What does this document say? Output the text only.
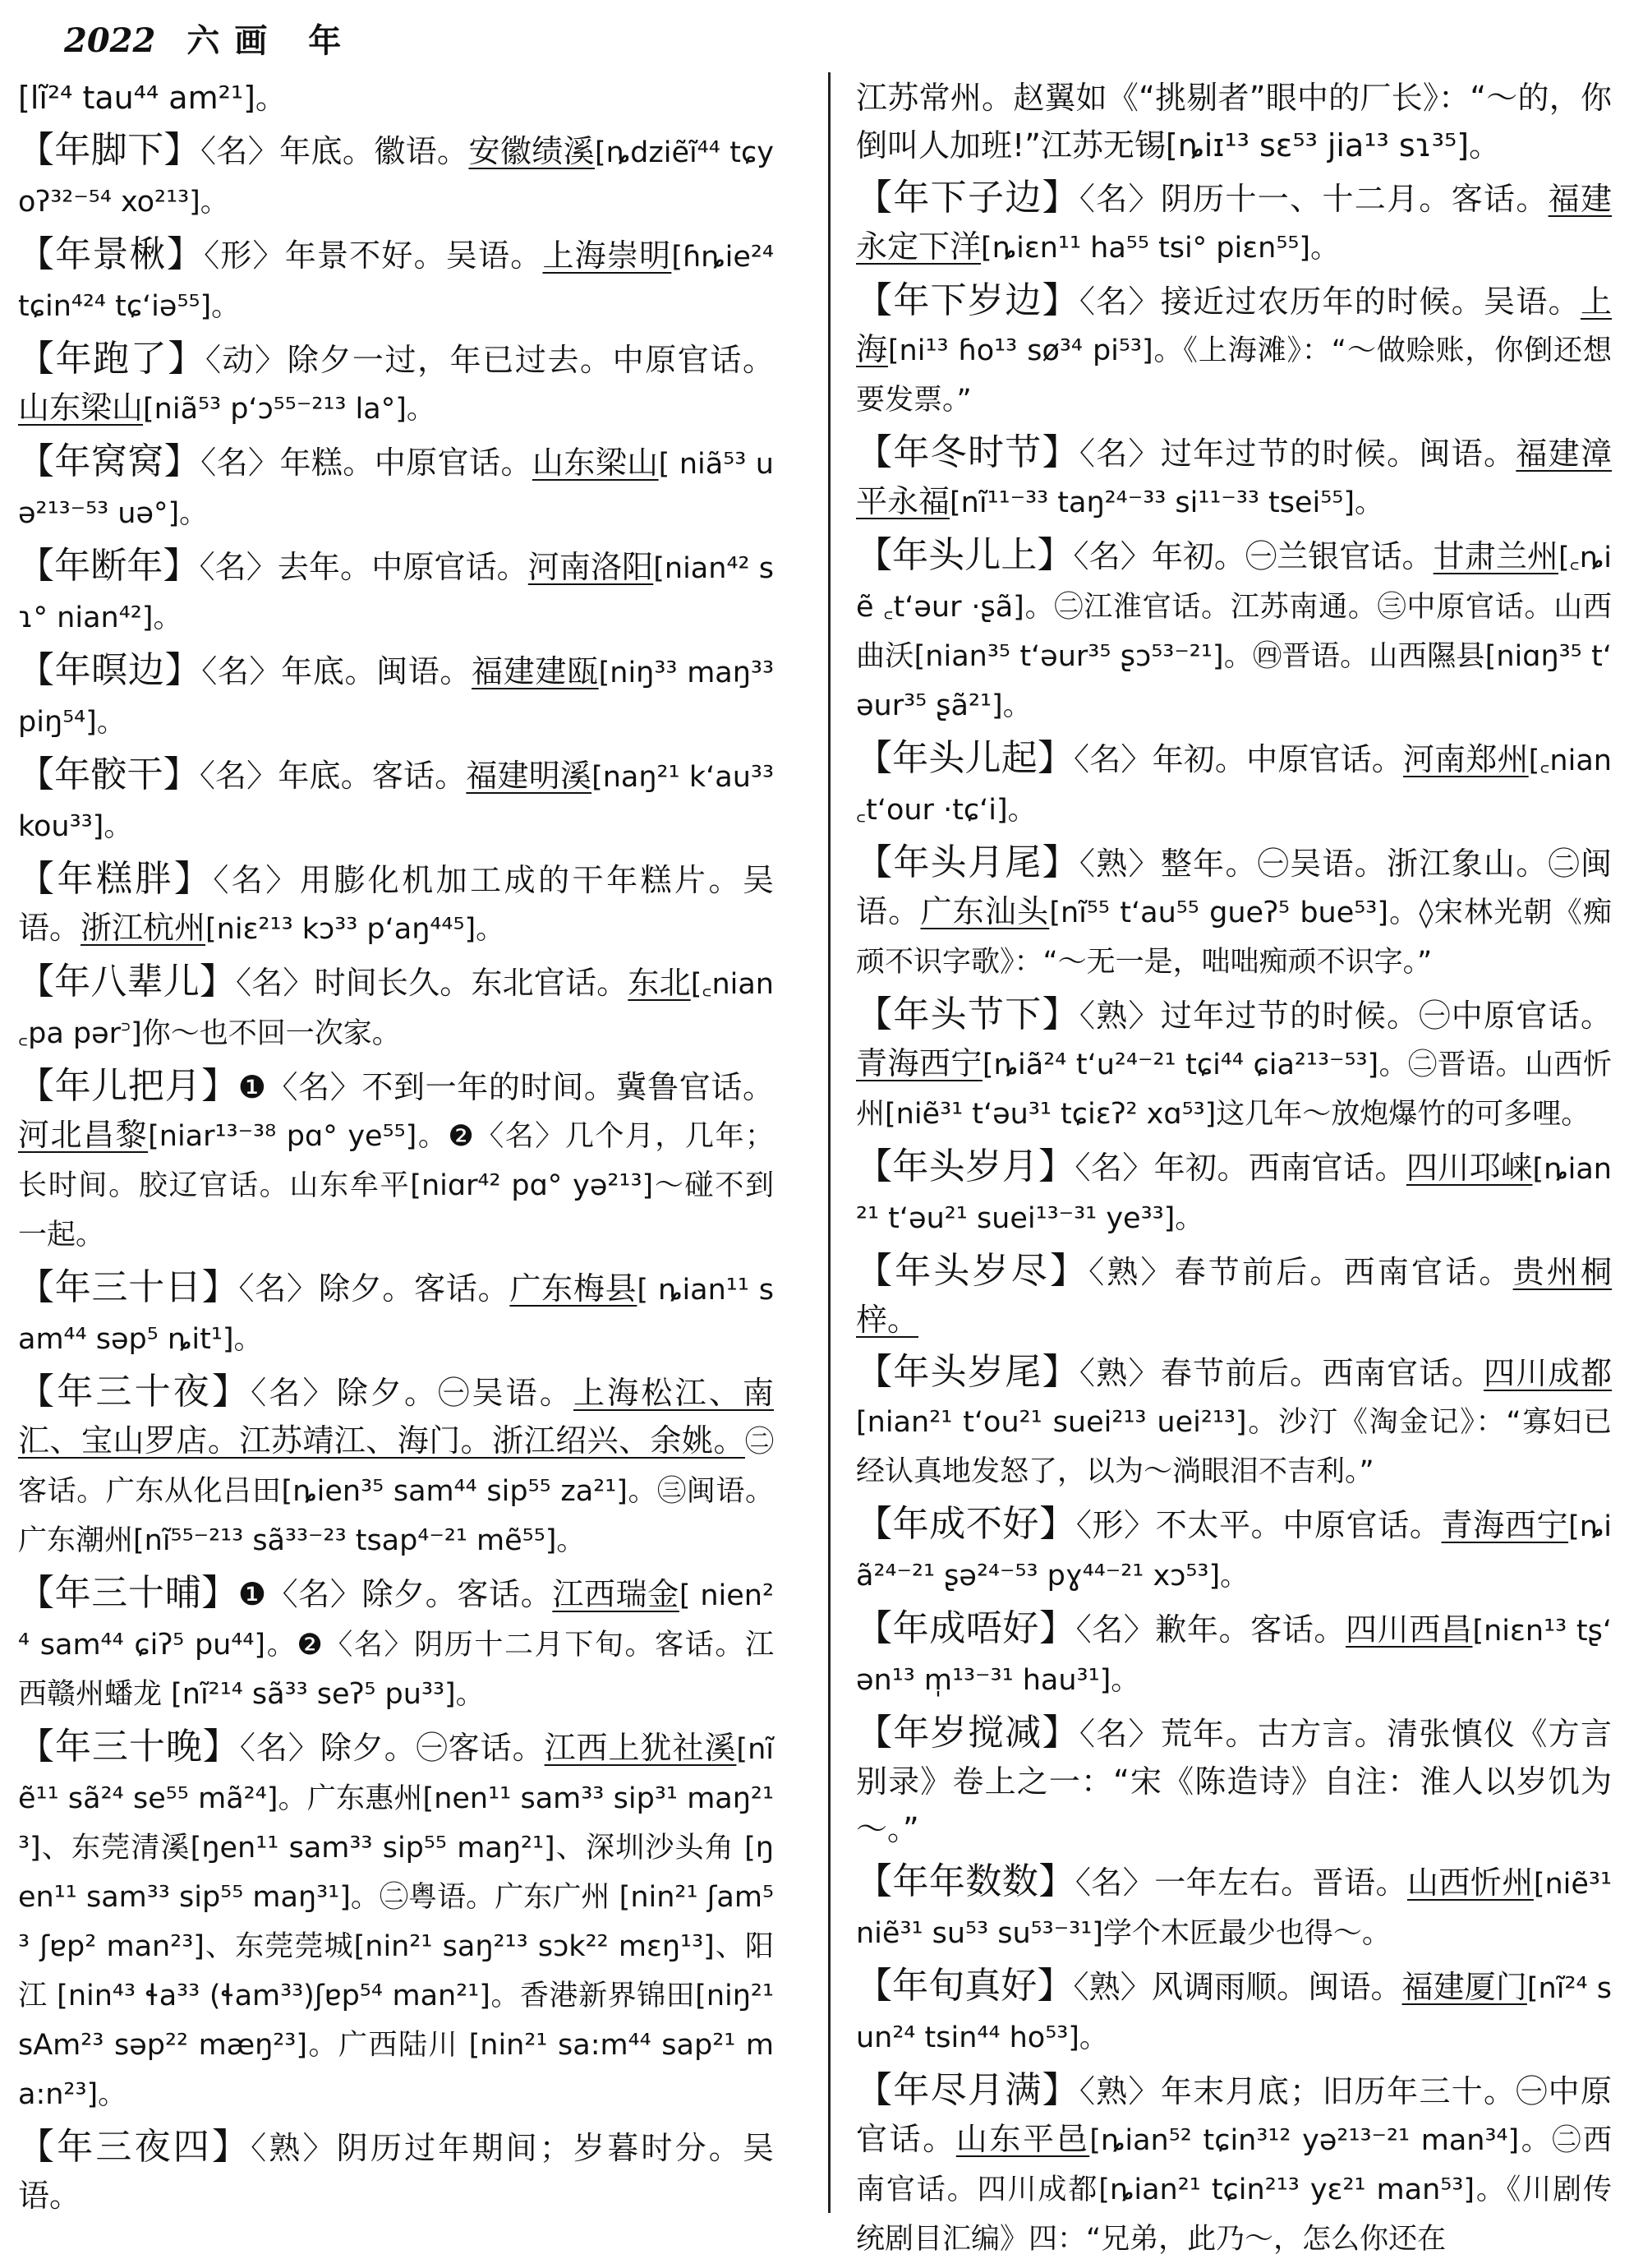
2022 六画 年
[lĩ²⁴ tau⁴⁴ am²¹]。
【年脚下】〈名〉年底。徽语。安徽绩溪[ȵdziẽĩ⁴⁴ tɕyoʔ³²⁻⁵⁴ xo²¹³]。
【年景楸】〈形〉年景不好。吴语。上海崇明[ɦȵie²⁴ tɕin⁴²⁴ tɕʻiə⁵⁵]。
【年跑了】〈动〉除夕一过，年已过去。中原官话。山东梁山[niã⁵³ pʻɔ⁵⁵⁻²¹³ la°]。
【年窝窝】〈名〉年糕。中原官话。山东梁山[ niã⁵³ uə²¹³⁻⁵³ uə°]。
【年断年】〈名〉去年。中原官话。河南洛阳[nian⁴² sɿ° nian⁴²]。
【年暝边】〈名〉年底。闽语。福建建瓯[niŋ³³ maŋ³³ piŋ⁵⁴]。
【年骹干】〈名〉年底。客话。福建明溪[naŋ²¹ kʻau³³ kou³³]。
【年糕胖】〈名〉用膨化机加工成的干年糕片。吴语。浙江杭州[niɛ²¹³ kɔ³³ pʻaŋ⁴⁴⁵]。
【年八辈儿】〈名〉时间长久。东北官话。东北[꜀nian ꜀pa pər꜄]你～也不回一次家。
【年儿把月】❶〈名〉不到一年的时间。冀鲁官话。河北昌黎[niar¹³⁻³⁸ pɑ° ye⁵⁵]。❷〈名〉几个月，几年；长时间。胶辽官话。山东牟平[niɑr⁴² pɑ° yə²¹³]～碰不到一起。
【年三十日】〈名〉除夕。客话。广东梅县[ ȵian¹¹ sam⁴⁴ səp⁵ ȵit¹]。
【年三十夜】〈名〉除夕。㊀吴语。上海松江、南汇、宝山罗店。江苏靖江、海门。浙江绍兴、余姚。㊁客话。广东从化吕田[ȵien³⁵ sam⁴⁴ sip⁵⁵ za²¹]。㊂闽语。广东潮州[nĩ⁵⁵⁻²¹³ sã³³⁻²³ tsap⁴⁻²¹ mẽ⁵⁵]。
【年三十晡】❶〈名〉除夕。客话。江西瑞金[ nien²⁴ sam⁴⁴ ɕiʔ⁵ pu⁴⁴]。❷〈名〉阴历十二月下旬。客话。江西赣州蟠龙 [nĩ²¹⁴ sã³³ seʔ⁵ pu³³]。
【年三十晚】〈名〉除夕。㊀客话。江西上犹社溪[nĩẽ¹¹ sã²⁴ se⁵⁵ mã²⁴]。广东惠州[nen¹¹ sam³³ sip³¹ maŋ²¹³]、东莞清溪[ŋen¹¹ sam³³ sip⁵⁵ maŋ²¹]、深圳沙头角 [ŋen¹¹ sam³³ sip⁵⁵ maŋ³¹]。㊁粤语。广东广州 [nin²¹ ʃam⁵³ ʃɐp² man²³]、东莞莞城[nin²¹ saŋ²¹³ sɔk²² mɛŋ¹³]、阳江 [nin⁴³ ɬa³³ (ɬam³³)ʃɐp⁵⁴ man²¹]。香港新界锦田[niŋ²¹ sAm²³ səp²² mæŋ²³]。广西陆川 [nin²¹ sa:m⁴⁴ sap²¹ ma:n²³]。
【年三夜四】〈熟〉阴历过年期间；岁暮时分。吴语。
江苏常州。赵翼如《“挑剔者”眼中的厂长》：“～的，你倒叫人加班!”江苏无锡[ȵiɪ¹³ sɛ⁵³ jia¹³ sɿ³⁵]。
【年下子边】〈名〉阴历十一、十二月。客话。福建永定下洋[ȵiɛn¹¹ ha⁵⁵ tsi° piɛn⁵⁵]。
【年下岁边】〈名〉接近过农历年的时候。吴语。上海[ni¹³ ɦo¹³ sø³⁴ pi⁵³]。《上海滩》：“～做赊账，你倒还想要发票。”
【年冬时节】〈名〉过年过节的时候。闽语。福建漳平永福[nĩ¹¹⁻³³ taŋ²⁴⁻³³ si¹¹⁻³³ tsei⁵⁵]。
【年头儿上】〈名〉年初。㊀兰银官话。甘肃兰州[꜀ȵiẽ ꜀tʻəur ·ʂã]。㊁江淮官话。江苏南通。㊂中原官话。山西曲沃[nian³⁵ tʻəur³⁵ ʂɔ⁵³⁻²¹]。㊃晋语。山西隰县[niɑŋ³⁵ tʻəur³⁵ ʂã²¹]。
【年头儿起】〈名〉年初。中原官话。河南郑州[꜀nian ꜀tʻour ·tɕʻi]。
【年头月尾】〈熟〉整年。㊀吴语。浙江象山。㊁闽语。广东汕头[nĩ⁵⁵ tʻau⁵⁵ gueʔ⁵ bue⁵³]。◊宋林光朝《痴顽不识字歌》：“～无一是，咄咄痴顽不识字。”
【年头节下】〈熟〉过年过节的时候。㊀中原官话。青海西宁[ȵiã²⁴ tʻu²⁴⁻²¹ tɕi⁴⁴ ɕia²¹³⁻⁵³]。㊁晋语。山西忻州[niẽ³¹ tʻəu³¹ tɕiɛʔ² xɑ⁵³]这几年～放炮爆竹的可多哩。
【年头岁月】〈名〉年初。西南官话。四川邛崃[ȵian²¹ tʻəu²¹ suei¹³⁻³¹ ye³³]。
【年头岁尽】〈熟〉春节前后。西南官话。贵州桐梓。
【年头岁尾】〈熟〉春节前后。西南官话。四川成都[nian²¹ tʻou²¹ suei²¹³ uei²¹³]。沙汀《淘金记》：“寡妇已经认真地发怒了，以为～淌眼泪不吉利。”
【年成不好】〈形〉不太平。中原官话。青海西宁[ȵiã²⁴⁻²¹ ʂə²⁴⁻⁵³ pɣ⁴⁴⁻²¹ xɔ⁵³]。
【年成唔好】〈名〉歉年。客话。四川西昌[niɛn¹³ tʂʻən¹³ m̩¹³⁻³¹ hau³¹]。
【年岁搅减】〈名〉荒年。古方言。清张慎仪《方言别录》卷上之一：“宋《陈造诗》自注：淮人以岁饥为～。”
【年年数数】〈名〉一年左右。晋语。山西忻州[niẽ³¹ niẽ³¹ su⁵³ su⁵³⁻³¹]学个木匠最少也得～。
【年旬真好】〈熟〉风调雨顺。闽语。福建厦门[nĩ²⁴ sun²⁴ tsin⁴⁴ ho⁵³]。
【年尽月满】〈熟〉年末月底；旧历年三十。㊀中原官话。山东平邑[ȵian⁵² tɕin³¹² yə²¹³⁻²¹ man³⁴]。㊁西南官话。四川成都[ȵian²¹ tɕin²¹³ yɛ²¹ man⁵³]。《川剧传统剧目汇编》四：“兄弟，此乃～，怎么你还在
